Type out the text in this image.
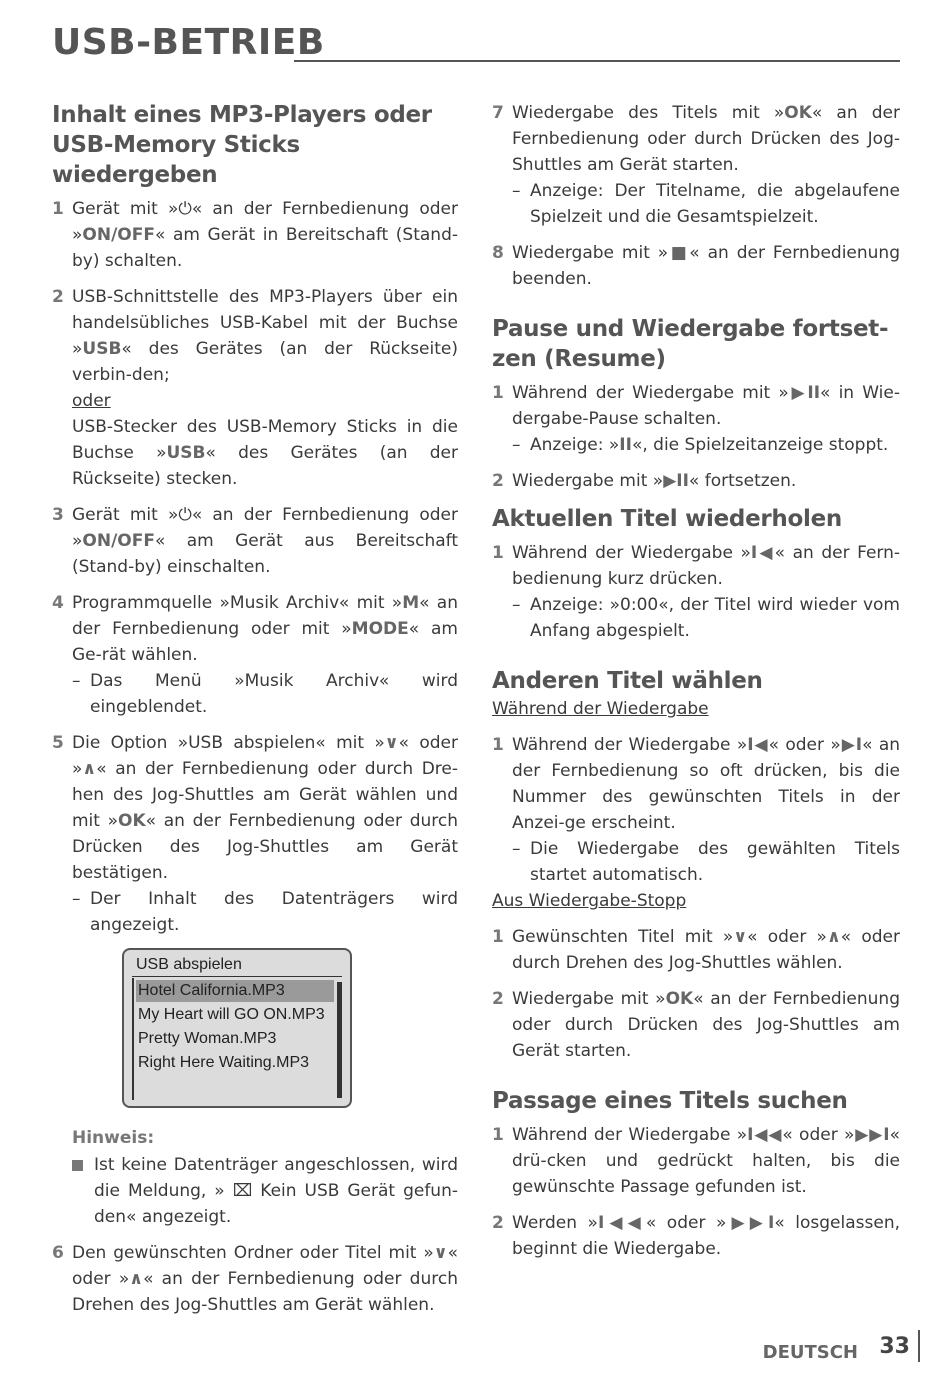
USB-BETRIEB
Inhalt eines MP3-Players oder USB-Memory Sticks wiedergeben
1 Gerät mit »⏻« an der Fernbedienung oder »ON/OFF« am Gerät in Bereitschaft (Stand-by) schalten.
2 USB-Schnittstelle des MP3-Players über ein handelsübliches USB-Kabel mit der Buchse »USB« des Gerätes (an der Rückseite) verbin-den;
oder
USB-Stecker des USB-Memory Sticks in die Buchse »USB« des Gerätes (an der Rückseite) stecken.
3 Gerät mit »⏻« an der Fernbedienung oder »ON/OFF« am Gerät aus Bereitschaft (Stand-by) einschalten.
4 Programmquelle »Musik Archiv« mit »M« an der Fernbedienung oder mit »MODE« am Ge-rät wählen.
– Das Menü »Musik Archiv« wird eingeblendet.
5 Die Option »USB abspielen« mit »∨« oder »∧« an der Fernbedienung oder durch Dre-hen des Jog-Shuttles am Gerät wählen und mit »OK« an der Fernbedienung oder durch Drücken des Jog-Shuttles am Gerät bestätigen.
– Der Inhalt des Datenträgers wird angezeigt.
USB abspielen
Hotel California.MP3
My Heart will GO ON.MP3
Pretty Woman.MP3
Right Here Waiting.MP3
Hinweis:
Ist keine Datenträger angeschlossen, wird die Meldung, » ⌧ Kein USB Gerät gefun-den« angezeigt.
6 Den gewünschten Ordner oder Titel mit »∨« oder »∧« an der Fernbedienung oder durch Drehen des Jog-Shuttles am Gerät wählen.
7 Wiedergabe des Titels mit »OK« an der Fernbedienung oder durch Drücken des Jog-Shuttles am Gerät starten.
– Anzeige: Der Titelname, die abgelaufene Spielzeit und die Gesamtspielzeit.
8 Wiedergabe mit »■« an der Fernbedienung beenden.
Pause und Wiedergabe fortset-zen (Resume)
1 Während der Wiedergabe mit »▶II« in Wie-dergabe-Pause schalten.
– Anzeige: »II«, die Spielzeitanzeige stoppt.
2 Wiedergabe mit »▶II« fortsetzen.
Aktuellen Titel wiederholen
1 Während der Wiedergabe »I◀« an der Fern-bedienung kurz drücken.
– Anzeige: »0:00«, der Titel wird wieder vom Anfang abgespielt.
Anderen Titel wählen

Während der Wiedergabe

1 Während der Wiedergabe »I◀« oder »▶I« an der Fernbedienung so oft drücken, bis die Nummer des gewünschten Titels in der Anzei-ge erscheint.
– Die Wiedergabe des gewählten Titels startet automatisch.

Aus Wiedergabe-Stopp

1 Gewünschten Titel mit »∨« oder »∧« oder durch Drehen des Jog-Shuttles wählen.
2 Wiedergabe mit »OK« an der Fernbedienung oder durch Drücken des Jog-Shuttles am Gerät starten.
Passage eines Titels suchen
1 Während der Wiedergabe »I◀◀« oder »▶▶I« drü-cken und gedrückt halten, bis die gewünschte Passage gefunden ist.
2 Werden »I◀◀« oder »▶▶I« losgelassen, beginnt die Wiedergabe.
DEUTSCH 33
